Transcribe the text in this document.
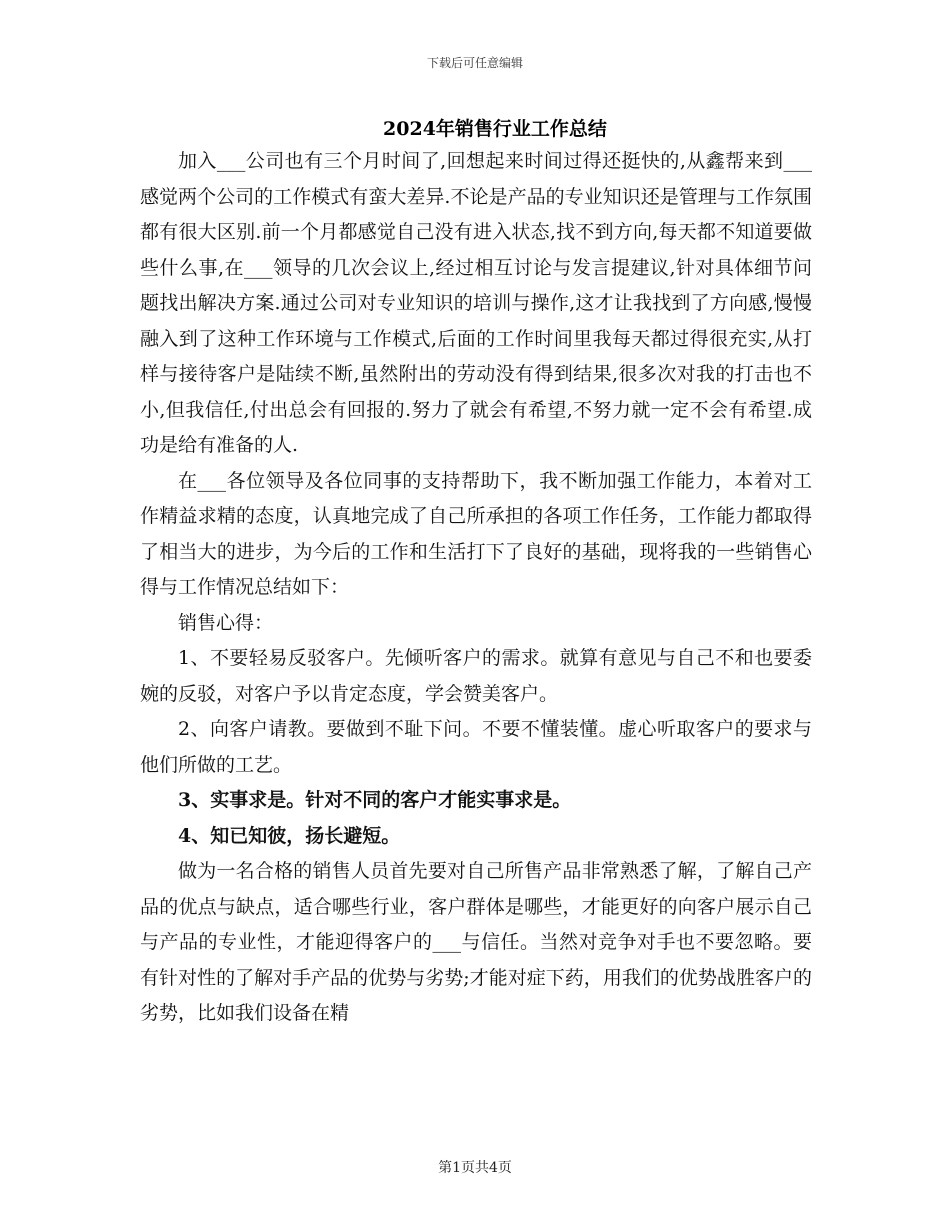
下载后可任意编辑
2024年销售行业工作总结

加入___公司也有三个月时间了,回想起来时间过得还挺快的,从鑫帮来到___感觉两个公司的工作模式有蛮大差异.不论是产品的专业知识还是管理与工作氛围都有很大区别.前一个月都感觉自己没有进入状态,找不到方向,每天都不知道要做些什么事,在___领导的几次会议上,经过相互讨论与发言提建议,针对具体细节问题找出解决方案.通过公司对专业知识的培训与操作,这才让我找到了方向感,慢慢融入到了这种工作环境与工作模式,后面的工作时间里我每天都过得很充实,从打样与接待客户是陆续不断,虽然附出的劳动没有得到结果,很多次对我的打击也不小,但我信任,付出总会有回报的.努力了就会有希望,不努力就一定不会有希望.成功是给有准备的人.

在___各位领导及各位同事的支持帮助下，我不断加强工作能力，本着对工作精益求精的态度，认真地完成了自己所承担的各项工作任务，工作能力都取得了相当大的进步，为今后的工作和生活打下了良好的基础，现将我的一些销售心得与工作情况总结如下：

销售心得：

1、不要轻易反驳客户。先倾听客户的需求。就算有意见与自己不和也要委婉的反驳，对客户予以肯定态度，学会赞美客户。

2、向客户请教。要做到不耻下问。不要不懂装懂。虚心听取客户的要求与他们所做的工艺。

3、实事求是。针对不同的客户才能实事求是。

4、知已知彼，扬长避短。

做为一名合格的销售人员首先要对自己所售产品非常熟悉了解，了解自己产品的优点与缺点，适合哪些行业，客户群体是哪些，才能更好的向客户展示自己与产品的专业性，才能迎得客户的___与信任。当然对竞争对手也不要忽略。要有针对性的了解对手产品的优势与劣势;才能对症下药，用我们的优势战胜客户的劣势，比如我们设备在精

第1页共4页
